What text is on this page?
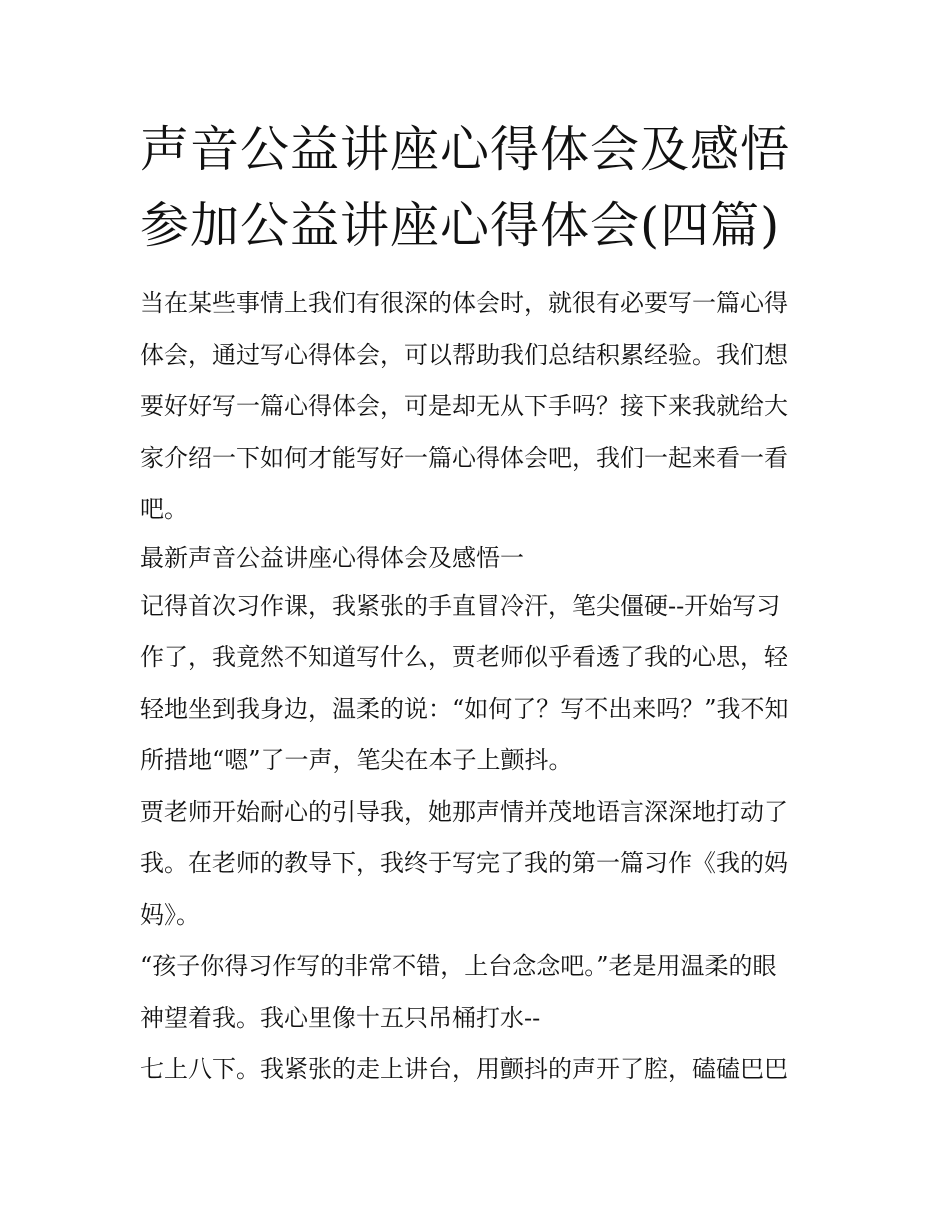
声音公益讲座心得体会及感悟
参加公益讲座心得体会(四篇)

当在某些事情上我们有很深的体会时，就很有必要写一篇心得
体会，通过写心得体会，可以帮助我们总结积累经验。我们想
要好好写一篇心得体会，可是却无从下手吗？接下来我就给大
家介绍一下如何才能写好一篇心得体会吧，我们一起来看一看
吧。

最新声音公益讲座心得体会及感悟一

记得首次习作课，我紧张的手直冒冷汗，笔尖僵硬--开始写习
作了，我竟然不知道写什么，贾老师似乎看透了我的心思，轻
轻地坐到我身边，温柔的说：“如何了？写不出来吗？”我不知
所措地“嗯”了一声，笔尖在本子上颤抖。

贾老师开始耐心的引导我，她那声情并茂地语言深深地打动了
我。在老师的教导下，我终于写完了我的第一篇习作《我的妈
妈》。

“孩子你得习作写的非常不错，上台念念吧。”老是用温柔的眼
神望着我。我心里像十五只吊桶打水--

七上八下。我紧张的走上讲台，用颤抖的声开了腔，磕磕巴巴
